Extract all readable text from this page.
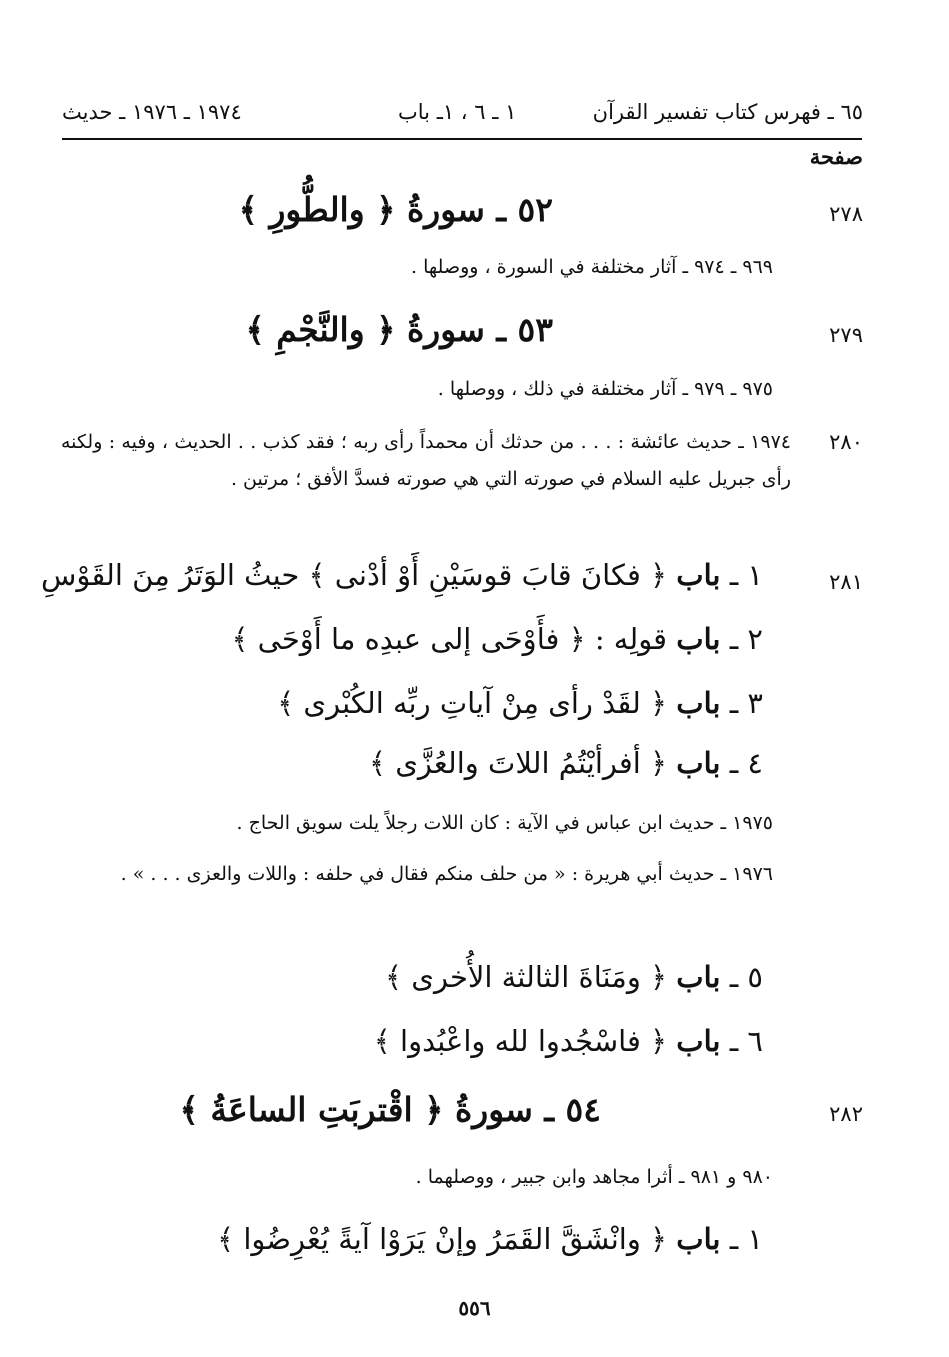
٦٥ ـ فهرس كتاب تفسير القرآن
١ ـ ٦ ، ١ـ باب
١٩٧٤ ـ ١٩٧٦ ـ حديث
صفحة
٢٧٨
٥٢ ـ سورةُ ﴿ والطُّورِ ﴾
٩٦٩ ـ ٩٧٤ ـ آثار مختلفة في السورة ، ووصلها .
٢٧٩
٥٣ ـ سورةُ ﴿ والنَّجْمِ ﴾
٩٧٥ ـ ٩٧٩ ـ آثار مختلفة في ذلك ، ووصلها .
٢٨٠
١٩٧٤ ـ حديث عائشة : . . . من حدثك أن محمداً رأى ربه ؛ فقد كذب . . الحديث ، وفيه : ولكنه رأى جبريل عليه السلام في صورته التي هي صورته فسدَّ الأفق ؛ مرتين .
٢٨١
١ ـ باب ﴿ فكانَ قابَ قوسَيْنِ أَوْ أدْنى ﴾ حيثُ الوَتَرُ مِنَ القَوْسِ
٢ ـ باب قولِه : ﴿ فأَوْحَى إلى عبدِه ما أَوْحَى ﴾
٣ ـ باب ﴿ لقَدْ رأى مِنْ آياتِ ربِّه الكُبْرى ﴾
٤ ـ باب ﴿ أفرأيْتُمُ اللاتَ والعُزَّى ﴾
١٩٧٥ ـ حديث ابن عباس في الآية : كان اللات رجلاً يلت سويق الحاج .
١٩٧٦ ـ حديث أبي هريرة : « من حلف منكم فقال في حلفه : واللات والعزى . . . » .
٥ ـ باب ﴿ ومَنَاةَ الثالثة الأُخرى ﴾
٦ ـ باب ﴿ فاسْجُدوا لله واعْبُدوا ﴾
٢٨٢
٥٤ ـ سورةُ ﴿ اقْتربَتِ الساعَةُ ﴾
٩٨٠ و ٩٨١ ـ أثرا مجاهد وابن جبير ، ووصلهما .
١ ـ باب ﴿ وانْشَقَّ القَمَرُ وإنْ يَرَوْا آيةً يُعْرِضُوا ﴾
٥٥٦
